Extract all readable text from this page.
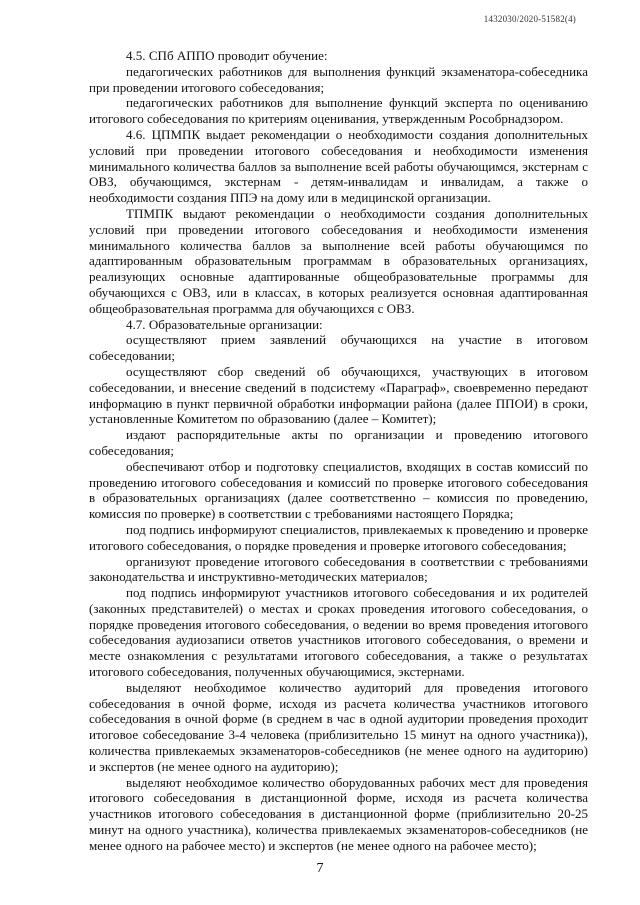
1432030/2020-51582(4)

4.5. СПб АППО проводит обучение:

педагогических работников для выполнения функций экзаменатора-собеседника при проведении итогового собеседования;

педагогических работников для выполнение функций эксперта по оцениванию итогового собеседования по критериям оценивания, утвержденным Рособрнадзором.

4.6. ЦПМПК выдает рекомендации о необходимости создания дополнительных условий при проведении итогового собеседования и необходимости изменения минимального количества баллов за выполнение всей работы обучающимся, экстернам с ОВЗ, обучающимся, экстернам - детям-инвалидам и инвалидам, а также о необходимости создания ППЭ на дому или в медицинской организации.

ТПМПК выдают рекомендации о необходимости создания дополнительных условий при проведении итогового собеседования и необходимости изменения минимального количества баллов за выполнение всей работы обучающимся по адаптированным образовательным программам в образовательных организациях, реализующих основные адаптированные общеобразовательные программы для обучающихся с ОВЗ, или в классах, в которых реализуется основная адаптированная общеобразовательная программа для обучающихся с ОВЗ.

4.7. Образовательные организации:

осуществляют прием заявлений обучающихся на участие в итоговом собеседовании;

осуществляют сбор сведений об обучающихся, участвующих в итоговом собеседовании, и внесение сведений в подсистему «Параграф», своевременно передают информацию в пункт первичной обработки информации района (далее ППОИ) в сроки, установленные Комитетом по образованию (далее – Комитет);

издают распорядительные акты по организации и проведению итогового собеседования;

обеспечивают отбор и подготовку специалистов, входящих в состав комиссий по проведению итогового собеседования и комиссий по проверке итогового собеседования в образовательных организациях (далее соответственно – комиссия по проведению, комиссия по проверке) в соответствии с требованиями настоящего Порядка;

под подпись информируют специалистов, привлекаемых к проведению и проверке итогового собеседования, о порядке проведения и проверке итогового собеседования;

организуют проведение итогового собеседования в соответствии с требованиями законодательства и инструктивно-методических материалов;

под подпись информируют участников итогового собеседования и их родителей (законных представителей) о местах и сроках проведения итогового собеседования, о порядке проведения итогового собеседования, о ведении во время проведения итогового собеседования аудиозаписи ответов участников итогового собеседования, о времени и месте ознакомления с результатами итогового собеседования, а также о результатах итогового собеседования, полученных обучающимися, экстернами.

выделяют необходимое количество аудиторий для проведения итогового собеседования в очной форме, исходя из расчета количества участников итогового собеседования в очной форме (в среднем в час в одной аудитории проведения проходит итоговое собеседование 3-4 человека (приблизительно 15 минут на одного участника)), количества привлекаемых экзаменаторов-собеседников (не менее одного на аудиторию) и экспертов (не менее одного на аудиторию);

выделяют необходимое количество оборудованных рабочих мест для проведения итогового собеседования в дистанционной форме, исходя из расчета количества участников итогового собеседования в дистанционной форме (приблизительно 20-25 минут на одного участника), количества привлекаемых экзаменаторов-собеседников (не менее одного на рабочее место) и экспертов (не менее одного на рабочее место);

7
